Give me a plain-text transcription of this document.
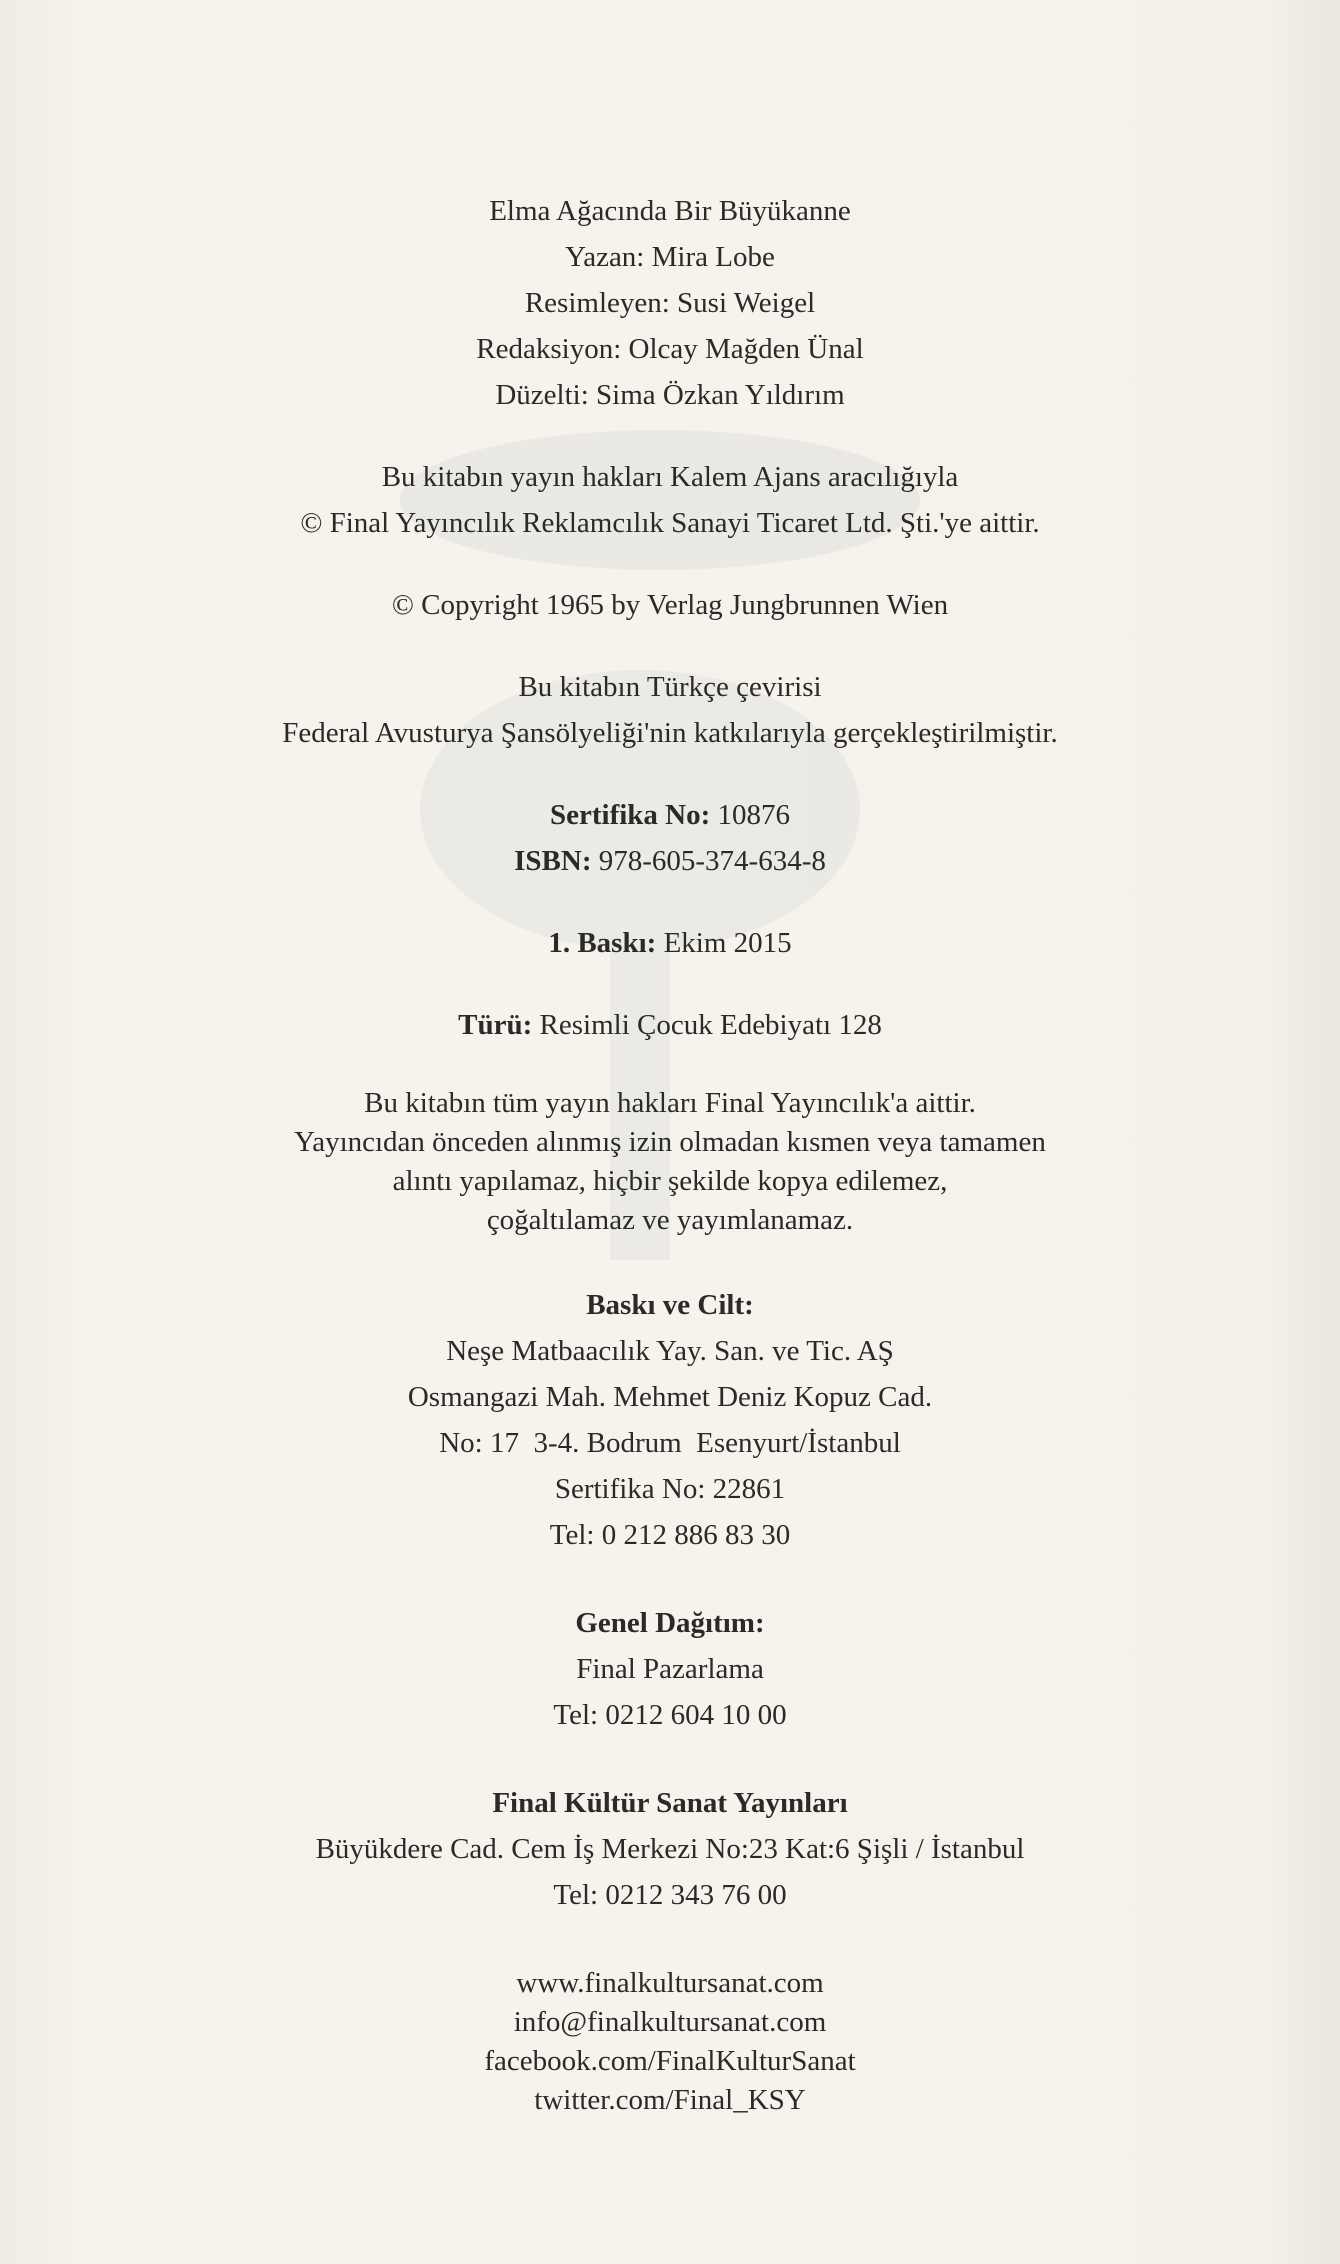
Elma Ağacında Bir Büyükanne
Yazan: Mira Lobe
Resimleyen: Susi Weigel
Redaksiyon: Olcay Mağden Ünal
Düzelti: Sima Özkan Yıldırım
Bu kitabın yayın hakları Kalem Ajans aracılığıyla
© Final Yayıncılık Reklamcılık Sanayi Ticaret Ltd. Şti.'ye aittir.
© Copyright 1965 by Verlag Jungbrunnen Wien
Bu kitabın Türkçe çevirisi
Federal Avusturya Şansölyeliği'nin katkılarıyla gerçekleştirilmiştir.
Sertifika No: 10876
ISBN: 978-605-374-634-8
1. Baskı: Ekim 2015
Türü: Resimli Çocuk Edebiyatı 128
Bu kitabın tüm yayın hakları Final Yayıncılık'a aittir.
Yayıncıdan önceden alınmış izin olmadan kısmen veya tamamen
alıntı yapılamaz, hiçbir şekilde kopya edilemez,
çoğaltılamaz ve yayımlanamaz.
Baskı ve Cilt:
Neşe Matbaacılık Yay. San. ve Tic. AŞ
Osmangazi Mah. Mehmet Deniz Kopuz Cad.
No: 17  3-4. Bodrum  Esenyurt/İstanbul
Sertifika No: 22861
Tel: 0 212 886 83 30
Genel Dağıtım:
Final Pazarlama
Tel: 0212 604 10 00
Final Kültür Sanat Yayınları
Büyükdere Cad. Cem İş Merkezi No:23 Kat:6 Şişli / İstanbul
Tel: 0212 343 76 00
www.finalkultursanat.com
info@finalkultursanat.com
facebook.com/FinalKulturSanat
twitter.com/Final_KSY
